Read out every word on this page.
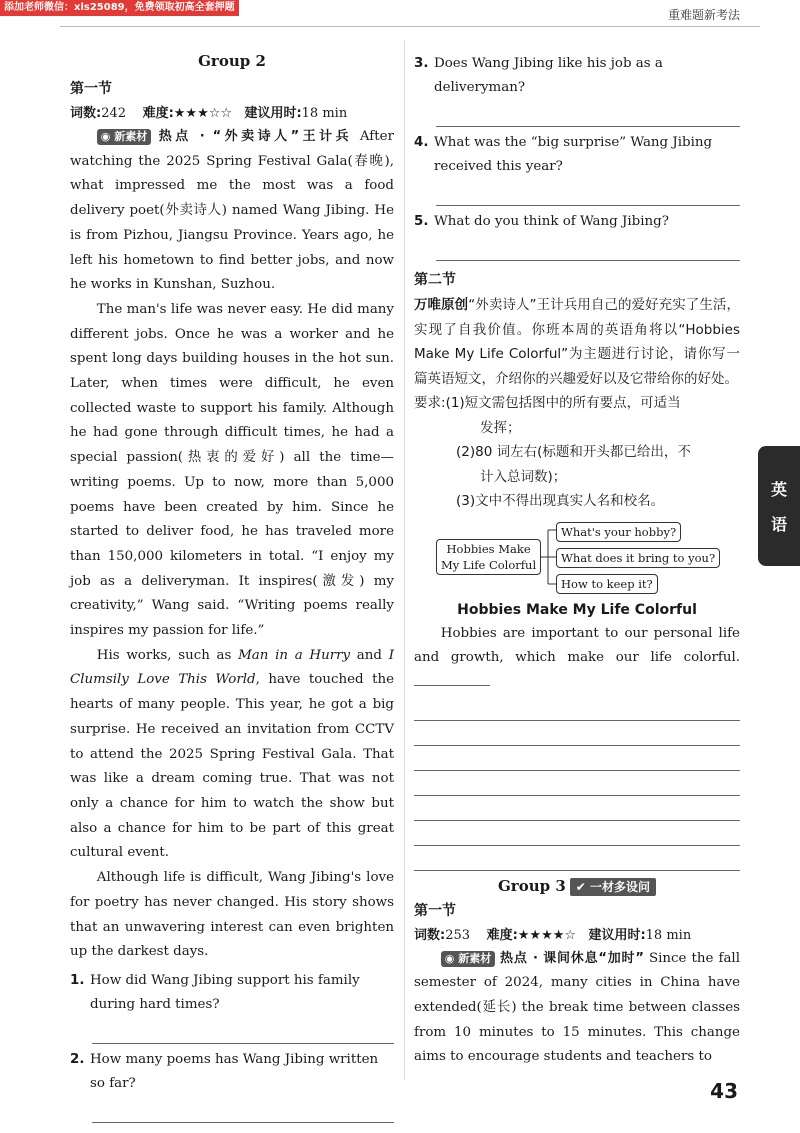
添加老师微信：xls25089，免费领取初高全套押题
重难题新考法
Group 2
第一节
词数:242 难度:★★★☆☆ 建议用时:18 min

◉ 新素材 热点 · “外卖诗人”王计兵 After watching the 2025 Spring Festival Gala(春晚), what impressed me the most was a food delivery poet(外卖诗人) named Wang Jibing. He is from Pizhou, Jiangsu Province. Years ago, he left his hometown to find better jobs, and now he works in Kunshan, Suzhou.

The man's life was never easy. He did many different jobs. Once he was a worker and he spent long days building houses in the hot sun. Later, when times were difficult, he even collected waste to support his family. Although he had gone through difficult times, he had a special passion(热衷的爱好) all the time—writing poems. Up to now, more than 5,000 poems have been created by him. Since he started to deliver food, he has traveled more than 150,000 kilometers in total. “I enjoy my job as a deliveryman. It inspires(激发) my creativity,” Wang said. “Writing poems really inspires my passion for life.”

His works, such as Man in a Hurry and I Clumsily Love This World, have touched the hearts of many people. This year, he got a big surprise. He received an invitation from CCTV to attend the 2025 Spring Festival Gala. That was like a dream coming true. That was not only a chance for him to watch the show but also a chance for him to be part of this great cultural event.

Although life is difficult, Wang Jibing's love for poetry has never changed. His story shows that an unwavering interest can even brighten up the darkest days.

1. How did Wang Jibing support his family during hard times?
2. How many poems has Wang Jibing written so far?
3. Does Wang Jibing like his job as a deliveryman?
4. What was the “big surprise” Wang Jibing received this year?
5. What do you think of Wang Jibing?
第二节

万唯原创“外卖诗人”王计兵用自己的爱好充实了生活，实现了自我价值。你班本周的英语角将以“Hobbies Make My Life Colorful”为主题进行讨论，请你写一篇英语短文，介绍你的兴趣爱好以及它带给你的好处。

要求:(1)短文需包括图中的所有要点，可适当
发挥；
(2)80 词左右(标题和开头都已给出，不
计入总词数)；
(3)文中不得出现真实人名和校名。
Hobbies Make
My Life Colorful
What's your hobby?
What does it bring to you?
How to keep it?
Hobbies Make My Life Colorful

Hobbies are important to our personal life and growth, which make our life colorful.

Group 3 ✔ 一材多设问
第一节
词数:253 难度:★★★★☆ 建议用时:18 min

◉ 新素材 热点 · 课间休息“加时” Since the fall semester of 2024, many cities in China have extended(延长) the break time between classes from 10 minutes to 15 minutes. This change aims to encourage students and teachers to

英
语
43
